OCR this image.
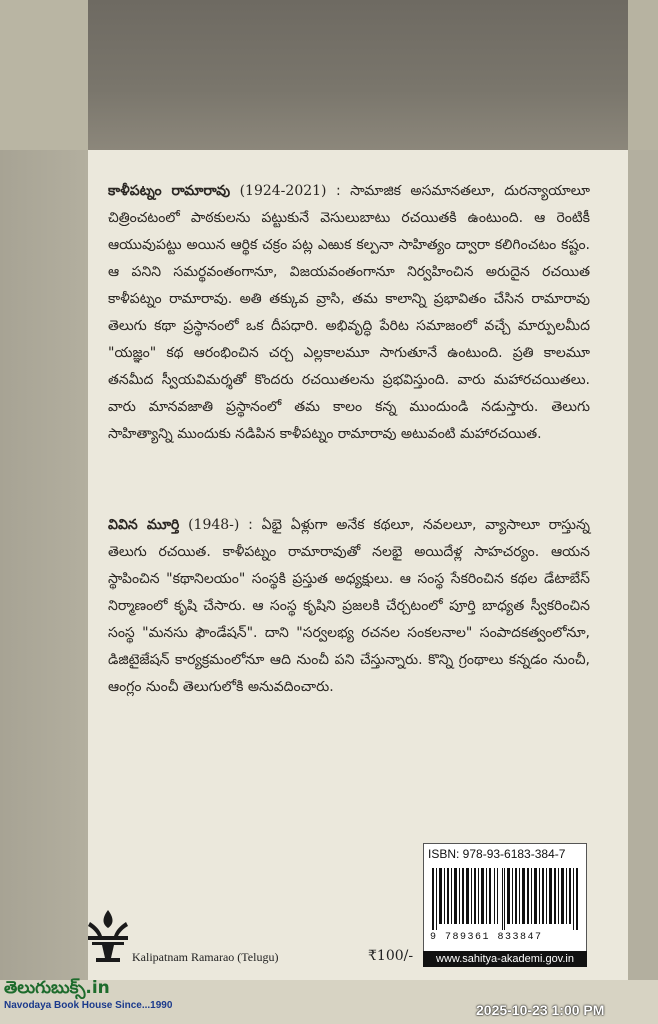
కాళీపట్నం రామారావు (1924-2021) : సామాజిక అసమానతలూ, దురన్యాయాలూ చిత్రించటంలో పాఠకులను పట్టుకునే వెసులుబాటు రచయితకి ఉంటుంది. ఆ రెంటికీ ఆయువుపట్టు అయిన ఆర్థిక చక్రం పట్ల ఎఱుక కల్పనా సాహిత్యం ద్వారా కలిగించటం కష్టం. ఆ పనిని సమర్థవంతంగానూ, విజయవంతంగానూ నిర్వహించిన అరుదైన రచయిత కాళీపట్నం రామారావు. అతి తక్కువ వ్రాసి, తమ కాలాన్ని ప్రభావితం చేసిన రామారావు తెలుగు కథా ప్రస్థానంలో ఒక దీపధారి. అభివృద్ధి పేరిట సమాజంలో వచ్చే మార్పులమీద "యజ్ఞం" కథ ఆరంభించిన చర్చ ఎల్లకాలమూ సాగుతూనే ఉంటుంది. ప్రతి కాలమూ తనమీద స్వీయవిమర్శతో కొందరు రచయితలను ప్రభవిస్తుంది. వారు మహారచయితలు. వారు మానవజాతి ప్రస్థానంలో తమ కాలం కన్న ముందుండి నడుస్తారు. తెలుగు సాహిత్యాన్ని ముందుకు నడిపిన కాళీపట్నం రామారావు అటువంటి మహారచయిత.

వివిన మూర్తి (1948-) : ఏభై ఏళ్లుగా అనేక కథలూ, నవలలూ, వ్యాసాలూ రాస్తున్న తెలుగు రచయిత. కాళీపట్నం రామారావుతో నలభై అయిదేళ్ల సాహచర్యం. ఆయన స్థాపించిన "కథానిలయం" సంస్థకి ప్రస్తుత అధ్యక్షులు. ఆ సంస్థ సేకరించిన కథల డేటాబేస్ నిర్మాణంలో కృషి చేసారు. ఆ సంస్థ కృషిని ప్రజలకి చేర్చటంలో పూర్తి బాధ్యత స్వీకరించిన సంస్థ "మనసు ఫౌండేషన్". దాని "సర్వలభ్య రచనల సంకలనాల" సంపాదకత్వంలోనూ, డిజిటైజేషన్ కార్యక్రమంలోనూ ఆది నుంచీ పని చేస్తున్నారు. కొన్ని గ్రంథాలు కన్నడం నుంచీ, ఆంగ్లం నుంచీ తెలుగులోకి అనువదించారు.

ISBN: 978-93-6183-384-7
9 789361 833847
www.sahitya-akademi.gov.in
Kalipatnam Ramarao (Telugu)	₹100/-
తెలుగుబుక్స్.in
Navodaya Book House Since...1990	2025-10-23 1:00 PM
